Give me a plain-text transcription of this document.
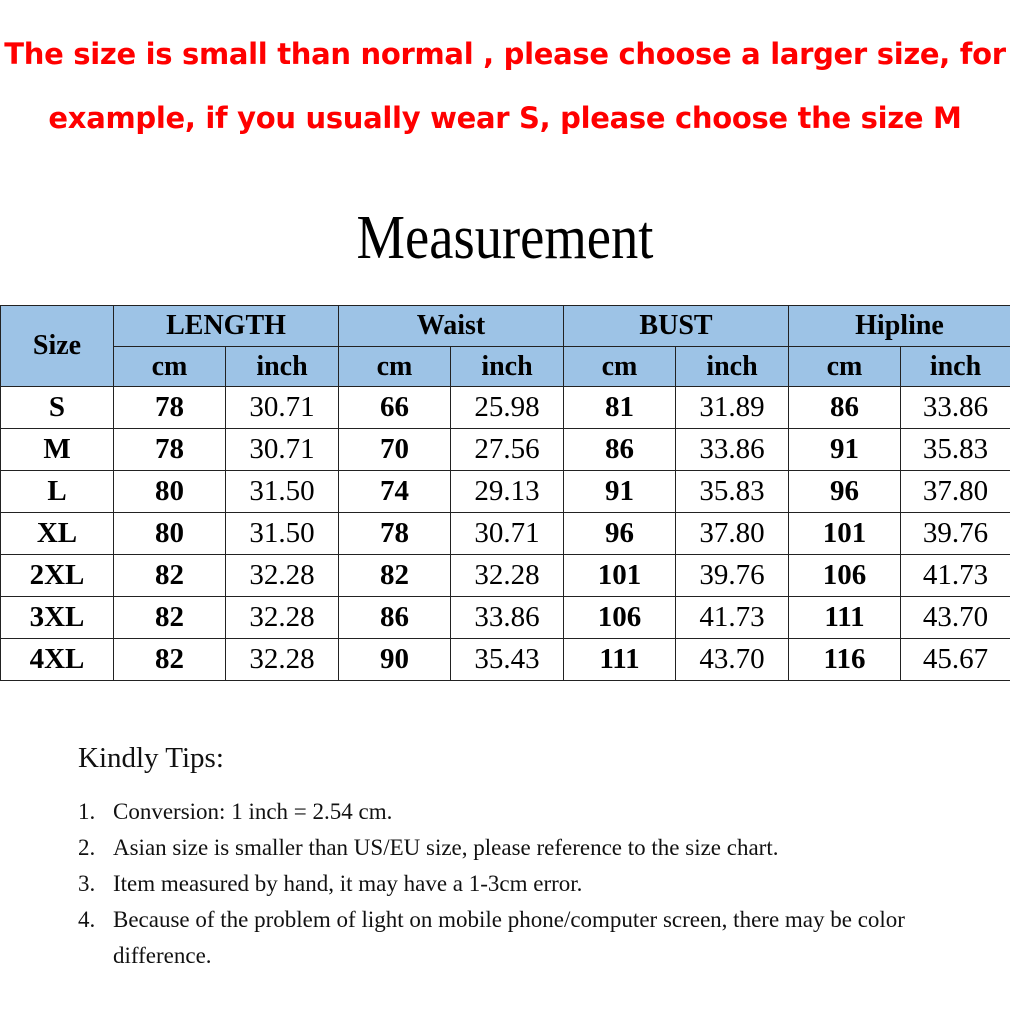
The size is small than normal , please choose a larger size, for
example, if you usually wear S, please choose the size M
Measurement
Size	LENGTH		Waist		BUST		Hipline	
	cm	inch	cm	inch	cm	inch	cm	inch
S	78	30.71	66	25.98	81	31.89	86	33.86
M	78	30.71	70	27.56	86	33.86	91	35.83
L	80	31.50	74	29.13	91	35.83	96	37.80
XL	80	31.50	78	30.71	96	37.80	101	39.76
2XL	82	32.28	82	32.28	101	39.76	106	41.73
3XL	82	32.28	86	33.86	106	41.73	111	43.70
4XL	82	32.28	90	35.43	111	43.70	116	45.67
Kindly Tips:
1. Conversion: 1 inch = 2.54 cm.
2. Asian size is smaller than US/EU size, please reference to the size chart.
3. Item measured by hand, it may have a 1-3cm error.
4. Because of the problem of light on mobile phone/computer screen, there may be color difference.
